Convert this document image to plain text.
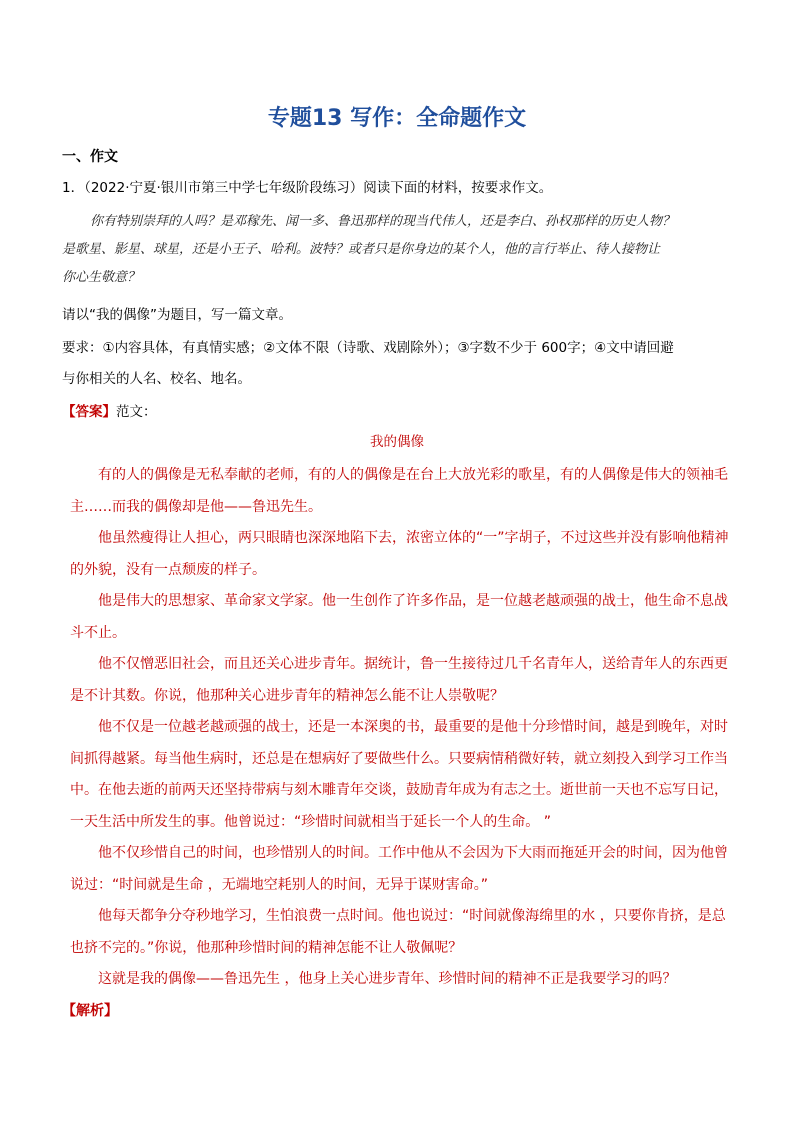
专题13 写作：全命题作文
一、作文
1．（2022·宁夏·银川市第三中学七年级阶段练习）阅读下面的材料，按要求作文。
你有特别崇拜的人吗？是邓稼先、闻一多、鲁迅那样的现当代伟人，还是李白、孙权那样的历史人物？
是歌星、影星、球星，还是小王子、哈利。波特？或者只是你身边的某个人，他的言行举止、待人接物让
你心生敬意？
请以“我的偶像”为题目，写一篇文章。
要求：①内容具体，有真情实感；②文体不限（诗歌、戏剧除外）；③字数不少于 600字；④文中请回避
与你相关的人名、校名、地名。
【答案】范文：
我的偶像

有的人的偶像是无私奉献的老师，有的人的偶像是在台上大放光彩的歌星，有的人偶像是伟大的领袖毛主……而我的偶像却是他——鲁迅先生。

他虽然瘦得让人担心，两只眼睛也深深地陷下去，浓密立体的“一”字胡子，不过这些并没有影响他精神的外貌，没有一点颓废的样子。

他是伟大的思想家、革命家文学家。他一生创作了许多作品，是一位越老越顽强的战士，他生命不息战斗不止。

他不仅憎恶旧社会，而且还关心进步青年。据统计，鲁一生接待过几千名青年人，送给青年人的东西更是不计其数。你说，他那种关心进步青年的精神怎么能不让人崇敬呢？

他不仅是一位越老越顽强的战士，还是一本深奥的书，最重要的是他十分珍惜时间，越是到晚年，对时间抓得越紧。每当他生病时，还总是在想病好了要做些什么。只要病情稍微好转，就立刻投入到学习工作当中。在他去逝的前两天还坚持带病与刻木雕青年交谈，鼓励青年成为有志之士。逝世前一天也不忘写日记，一天生活中所发生的事。他曾说过：“珍惜时间就相当于延长一个人的生命。 ”

他不仅珍惜自己的时间，也珍惜别人的时间。工作中他从不会因为下大雨而拖延开会的时间，因为他曾说过：“时间就是生命 ，无端地空耗别人的时间，无异于谋财害命。”

他每天都争分夺秒地学习，生怕浪费一点时间。他也说过：“时间就像海绵里的水 ，只要你肯挤，是总也挤不完的。”你说，他那种珍惜时间的精神怎能不让人敬佩呢？

这就是我的偶像——鲁迅先生 ，他身上关心进步青年、珍惜时间的精神不正是我要学习的吗？

【解析】
